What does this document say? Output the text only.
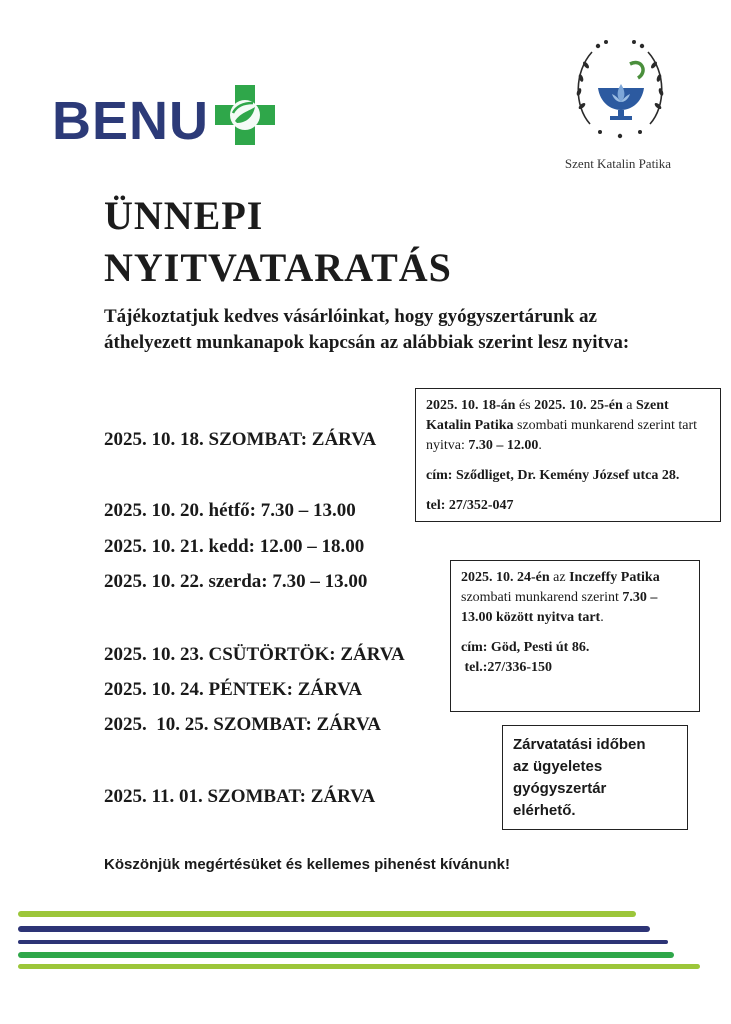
BENU
Szent Katalin Patika
ÜNNEPI
NYITVATARATÁS
Tájékoztatjuk kedves vásárlóinkat, hogy gyógyszertárunk az áthelyezett munkanapok kapcsán az alábbiak szerint lesz nyitva:
2025. 10. 18. SZOMBAT: ZÁRVA
2025. 10. 20. hétfő: 7.30 – 13.00
2025. 10. 21. kedd: 12.00 – 18.00
2025. 10. 22. szerda: 7.30 – 13.00
2025. 10. 23. CSÜTÖRTÖK: ZÁRVA
2025. 10. 24. PÉNTEK: ZÁRVA
2025.  10. 25. SZOMBAT: ZÁRVA
2025. 11. 01. SZOMBAT: ZÁRVA

2025. 10. 18-án és 2025. 10. 25-én a Szent Katalin Patika szombati munkarend szerint tart nyitva: 7.30 – 12.00.

cím: Sződliget, Dr. Kemény József utca 28.

tel: 27/352-047

2025. 10. 24-én az Inczeffy Patika szombati munkarend szerint 7.30 – 13.00 között nyitva tart.

cím: Göd, Pesti út 86.

tel.:27/336-150

Zárvatatási időben
az ügyeletes
gyógyszertár
elérhető.
Köszönjük megértésüket és kellemes pihenést kívánunk!
